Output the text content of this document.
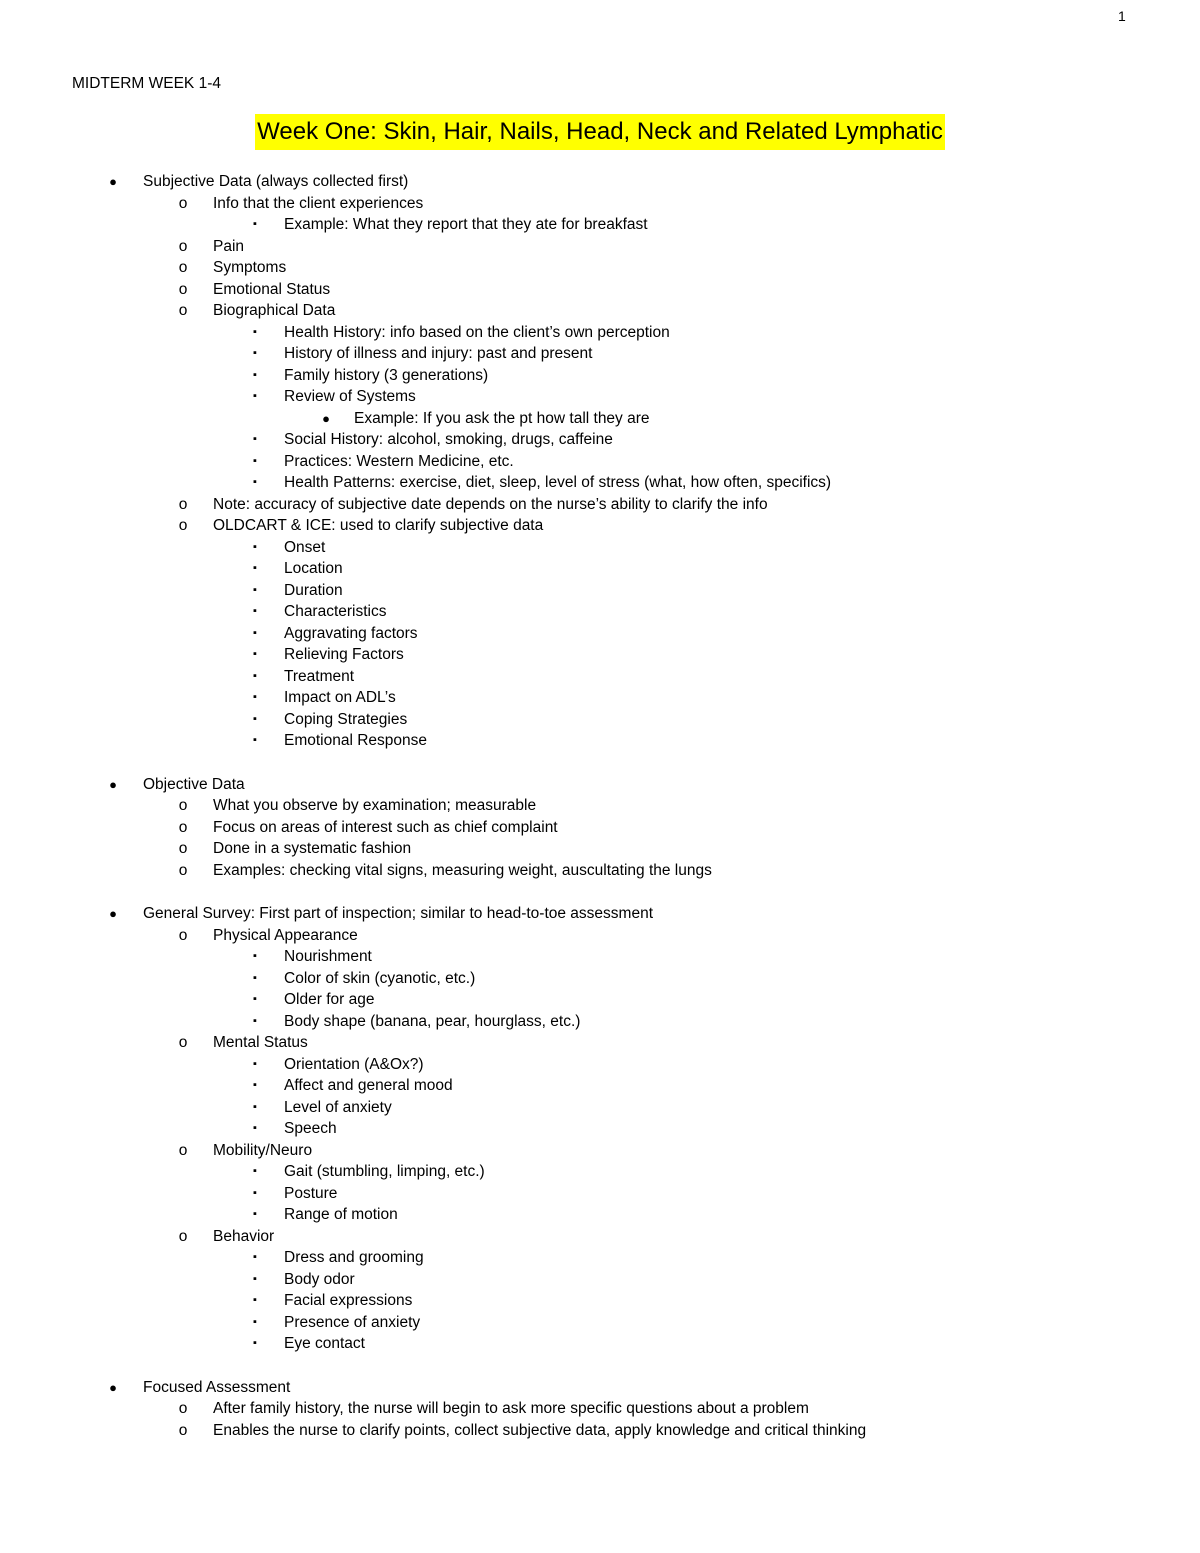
1
MIDTERM WEEK 1-4
Week One: Skin, Hair, Nails, Head, Neck and Related Lymphatic
●	Subjective Data (always collected first)
o	Info that the client experiences
▪	Example: What they report that they ate for breakfast
o	Pain
o	Symptoms
o	Emotional Status
o	Biographical Data
▪	Health History: info based on the client’s own perception
▪	History of illness and injury: past and present
▪	Family history (3 generations)
▪	Review of Systems
●	Example: If you ask the pt how tall they are
▪	Social History: alcohol, smoking, drugs, caffeine
▪	Practices: Western Medicine, etc.
▪	Health Patterns: exercise, diet, sleep, level of stress (what, how often, specifics)
o	Note: accuracy of subjective date depends on the nurse’s ability to clarify the info
o	OLDCART & ICE: used to clarify subjective data
▪	Onset
▪	Location
▪	Duration
▪	Characteristics
▪	Aggravating factors
▪	Relieving Factors
▪	Treatment
▪	Impact on ADL’s
▪	Coping Strategies
▪	Emotional Response
●	Objective Data
o	What you observe by examination; measurable
o	Focus on areas of interest such as chief complaint
o	Done in a systematic fashion
o	Examples: checking vital signs, measuring weight, auscultating the lungs
●	General Survey: First part of inspection; similar to head-to-toe assessment
o	Physical Appearance
▪	Nourishment
▪	Color of skin (cyanotic, etc.)
▪	Older for age
▪	Body shape (banana, pear, hourglass, etc.)
o	Mental Status
▪	Orientation (A&Ox?)
▪	Affect and general mood
▪	Level of anxiety
▪	Speech
o	Mobility/Neuro
▪	Gait (stumbling, limping, etc.)
▪	Posture
▪	Range of motion
o	Behavior
▪	Dress and grooming
▪	Body odor
▪	Facial expressions
▪	Presence of anxiety
▪	Eye contact
●	Focused Assessment
o	After family history, the nurse will begin to ask more specific questions about a problem
o	Enables the nurse to clarify points, collect subjective data, apply knowledge and critical thinking
